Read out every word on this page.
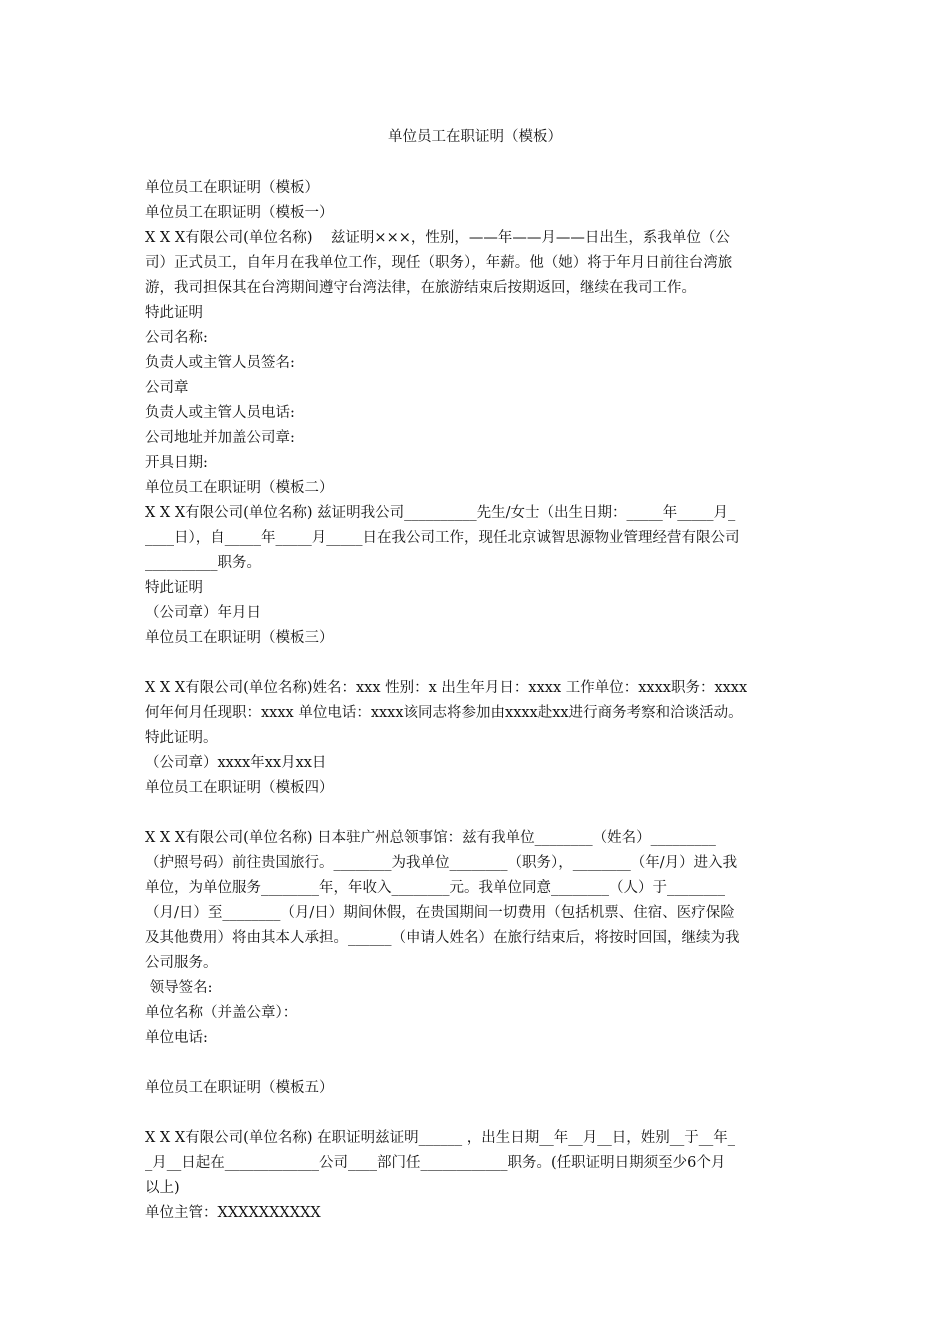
单位员工在职证明（模板）
单位员工在职证明（模板）
单位员工在职证明（模板一）
X X X有限公司(单位名称)    兹证明×××，性别，——年——月——日出生，系我单位（公
司）正式员工，自年月在我单位工作，现任（职务），年薪。他（她）将于年月日前往台湾旅
游，我司担保其在台湾期间遵守台湾法律，在旅游结束后按期返回，继续在我司工作。
特此证明
公司名称:
负责人或主管人员签名:
公司章
负责人或主管人员电话:
公司地址并加盖公司章:
开具日期:
单位员工在职证明（模板二）
X X X有限公司(单位名称) 兹证明我公司__________先生/女士（出生日期：_____年_____月_
____日），自_____年_____月_____日在我公司工作，现任北京诚智思源物业管理经营有限公司
__________职务。
特此证明
（公司章）年月日
单位员工在职证明（模板三）
X X X有限公司(单位名称)姓名：xxx 性别：x 出生年月日：xxxx 工作单位：xxxx职务：xxxx
何年何月任现职：xxxx 单位电话：xxxx该同志将参加由xxxx赴xx进行商务考察和洽谈活动。
特此证明。
（公司章）xxxx年xx月xx日
单位员工在职证明（模板四）
X X X有限公司(单位名称) 日本驻广州总领事馆：兹有我单位________（姓名）_________
（护照号码）前往贵国旅行。________为我单位________（职务），________（年/月）进入我
单位，为单位服务________年，年收入________元。我单位同意________（人）于________
（月/日）至________（月/日）期间休假，在贵国期间一切费用（包括机票、住宿、医疗保险
及其他费用）将由其本人承担。______（申请人姓名）在旅行结束后，将按时回国，继续为我
公司服务。
领导签名:
单位名称（并盖公章）：
单位电话:
单位员工在职证明（模板五）
X X X有限公司(单位名称) 在职证明兹证明______ ，出生日期__年__月__日，姓别__于__年_
_月__日起在_____________公司____部门任____________职务。(任职证明日期须至少6个月
以上)
单位主管：XXXXXXXXXX
